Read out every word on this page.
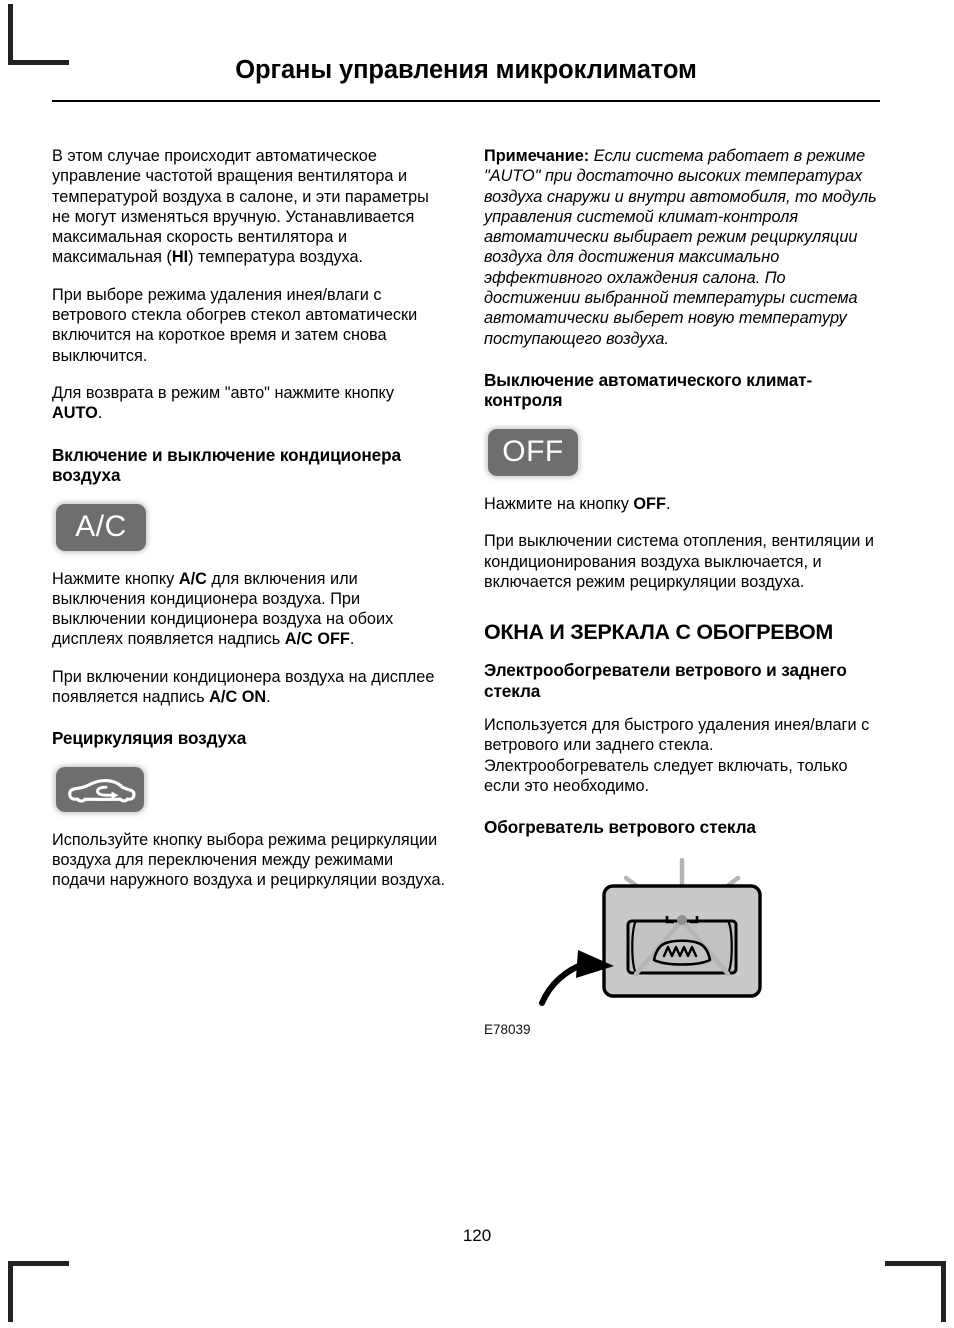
Органы управления микроклиматом

В этом случае происходит автоматическое управление частотой вращения вентилятора и температурой воздуха в салоне, и эти параметры не могут изменяться вручную. Устанавливается максимальная скорость вентилятора и максимальная (HI) температура воздуха.

При выборе режима удаления инея/влаги с ветрового стекла обогрев стекол автоматически включится на короткое время и затем снова выключится.

Для возврата в режим "авто" нажмите кнопку AUTO.

Включение и выключение кондиционера воздуха
A/C

Нажмите кнопку A/C для включения или выключения кондиционера воздуха. При выключении кондиционера воздуха на обоих дисплеях появляется надпись A/C OFF.

При включении кондиционера воздуха на дисплее появляется надпись A/C ON.

Рециркуляция воздуха

Используйте кнопку выбора режима рециркуляции воздуха для переключения между режимами подачи наружного воздуха и рециркуляции воздуха.

Примечание: Если система работает в режиме "AUTO" при достаточно высоких температурах воздуха снаружи и внутри автомобиля, то модуль управления системой климат-контроля автоматически выбирает режим рециркуляции воздуха для достижения максимально эффективного охлаждения салона. По достижении выбранной температуры система автоматически выберет новую температуру поступающего воздуха.

Выключение автоматического климат-контроля
OFF

Нажмите на кнопку OFF.

При выключении система отопления, вентиляции и кондиционирования воздуха выключается, и включается режим рециркуляции воздуха.

ОКНА И ЗЕРКАЛА С ОБОГРЕВОМ
Электрообогреватели ветрового и заднего стекла

Используется для быстрого удаления инея/влаги с ветрового или заднего стекла. Электрообогреватель следует включать, только если это необходимо.

Обогреватель ветрового стекла
E78039
120
